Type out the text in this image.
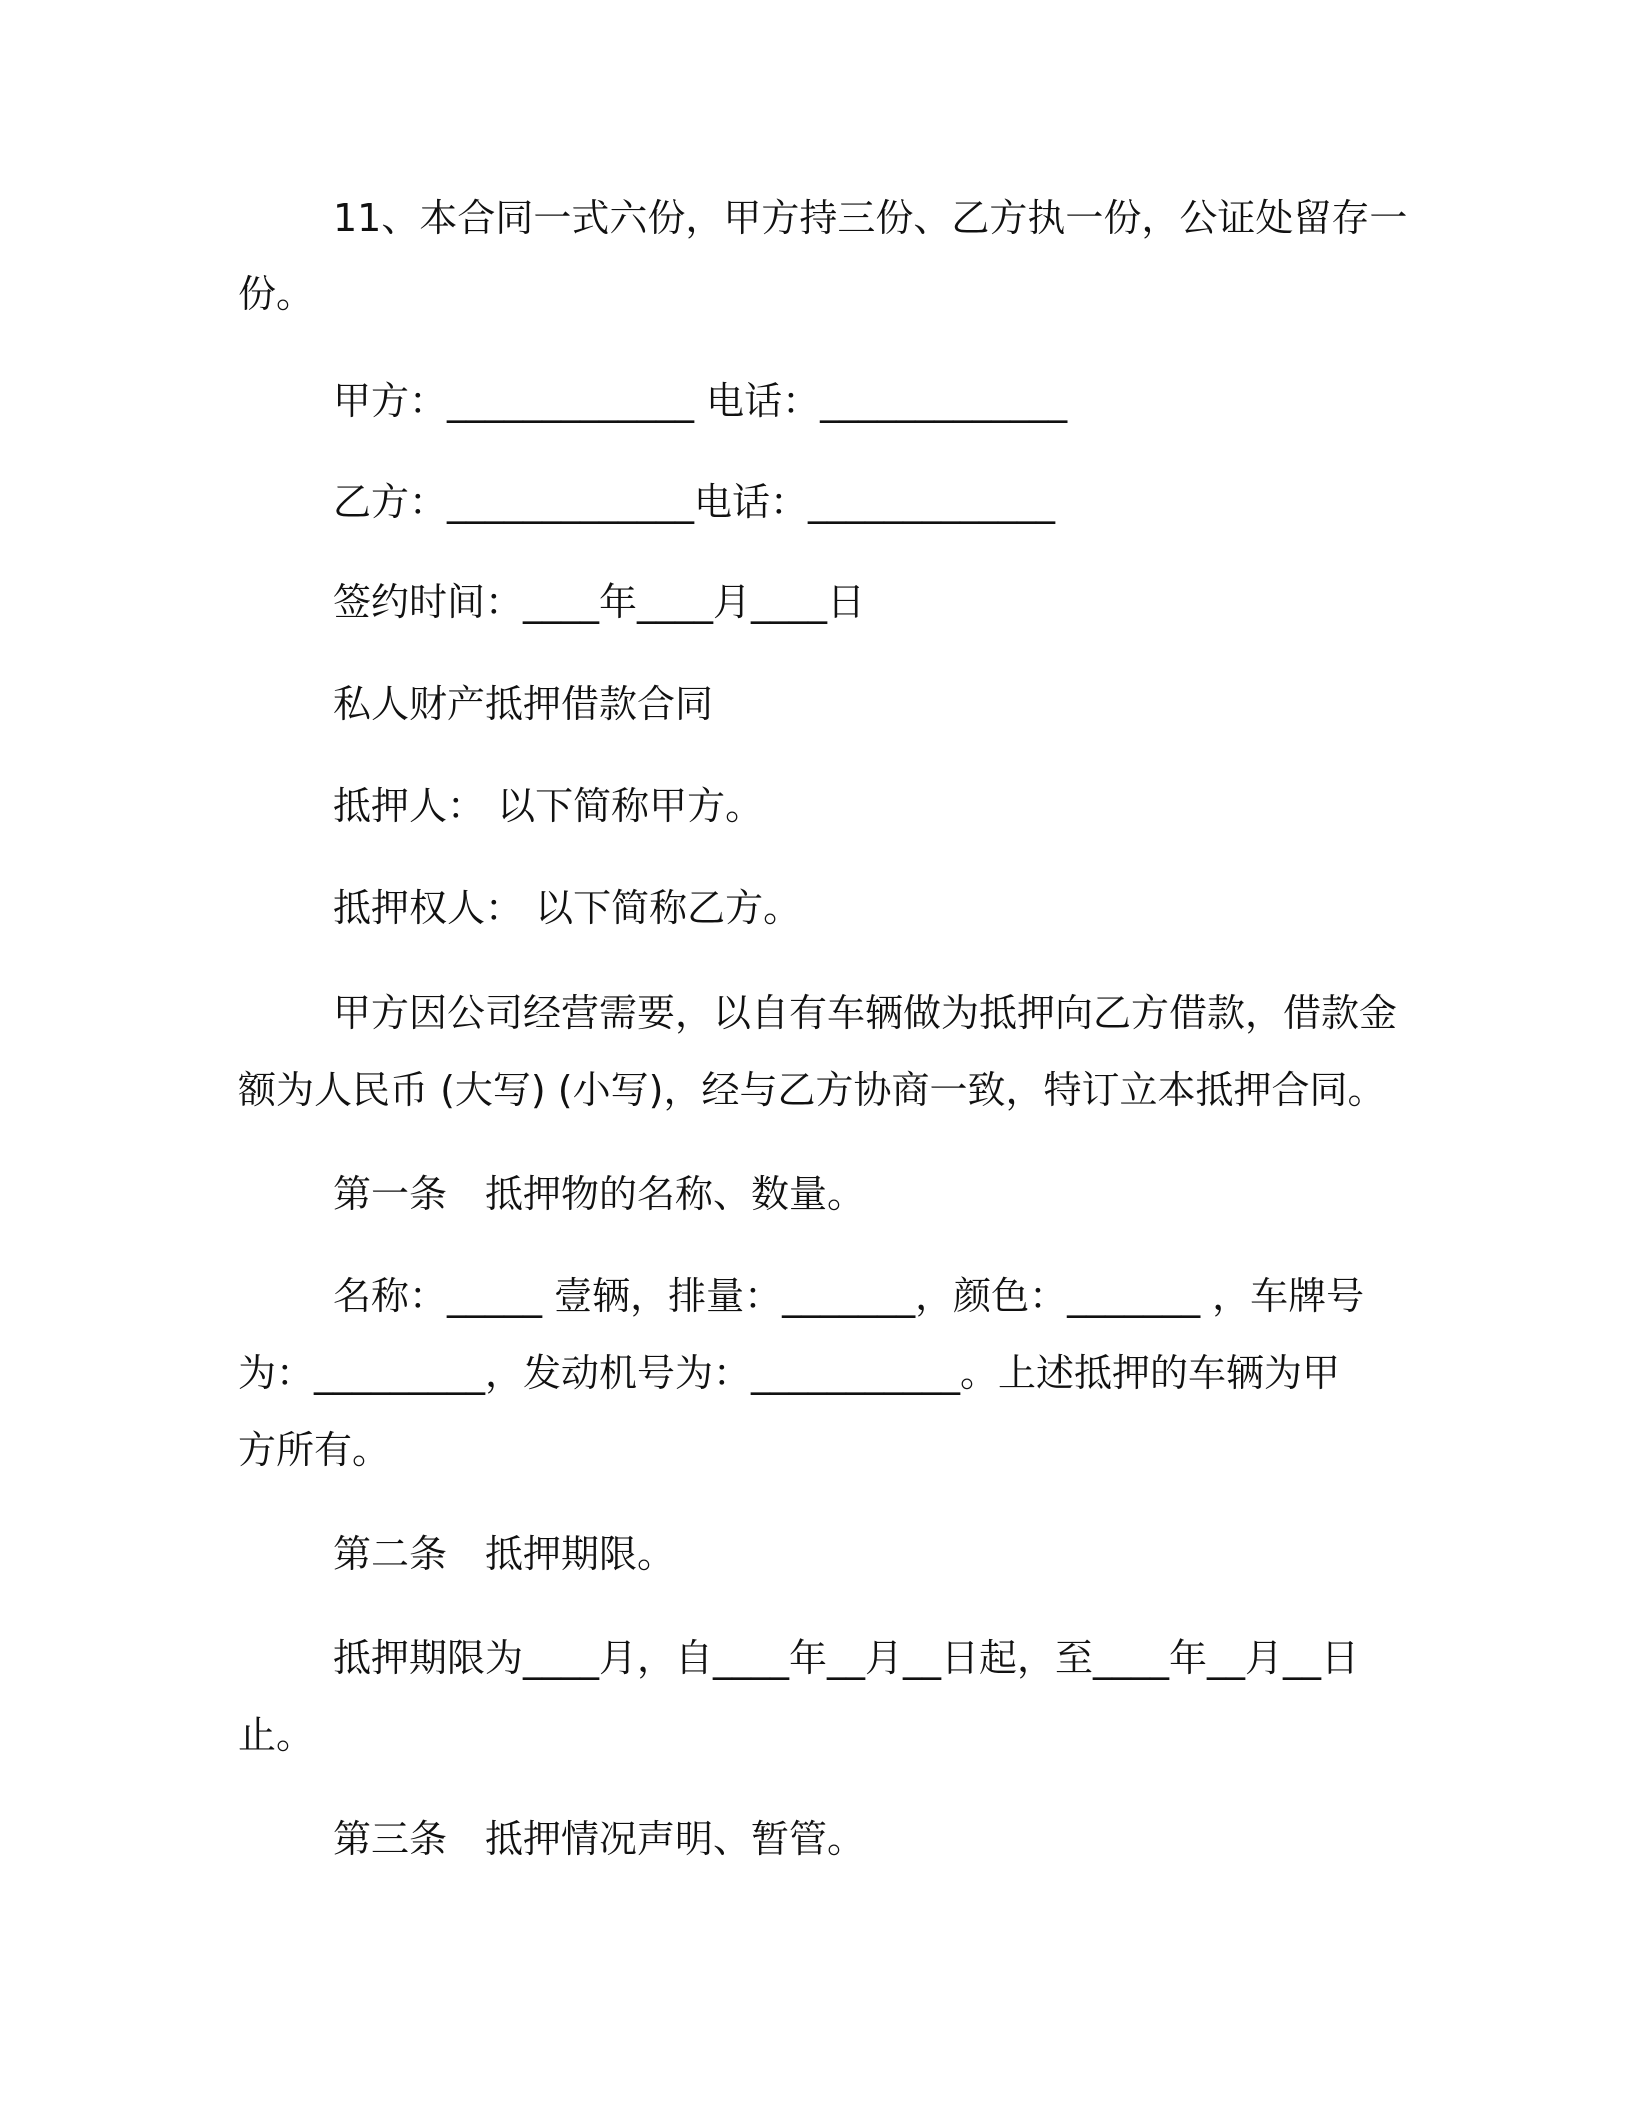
11、本合同一式六份，甲方持三份、乙方执一份，公证处留存一
份。
甲方：_____________ 电话：_____________
乙方：_____________电话：_____________
签约时间：____年____月____日
私人财产抵押借款合同
抵押人： 以下简称甲方。
抵押权人： 以下简称乙方。
甲方因公司经营需要，以自有车辆做为抵押向乙方借款，借款金
额为人民币 (大写) (小写)，经与乙方协商一致，特订立本抵押合同。
第一条　抵押物的名称、数量。
名称：_____ 壹辆，排量：_______，颜色：_______ ，车牌号
为：_________，发动机号为：___________。上述抵押的车辆为甲
方所有。
第二条　抵押期限。
抵押期限为____月，自____年__月__日起，至____年__月__日
止。
第三条　抵押情况声明、暂管。
